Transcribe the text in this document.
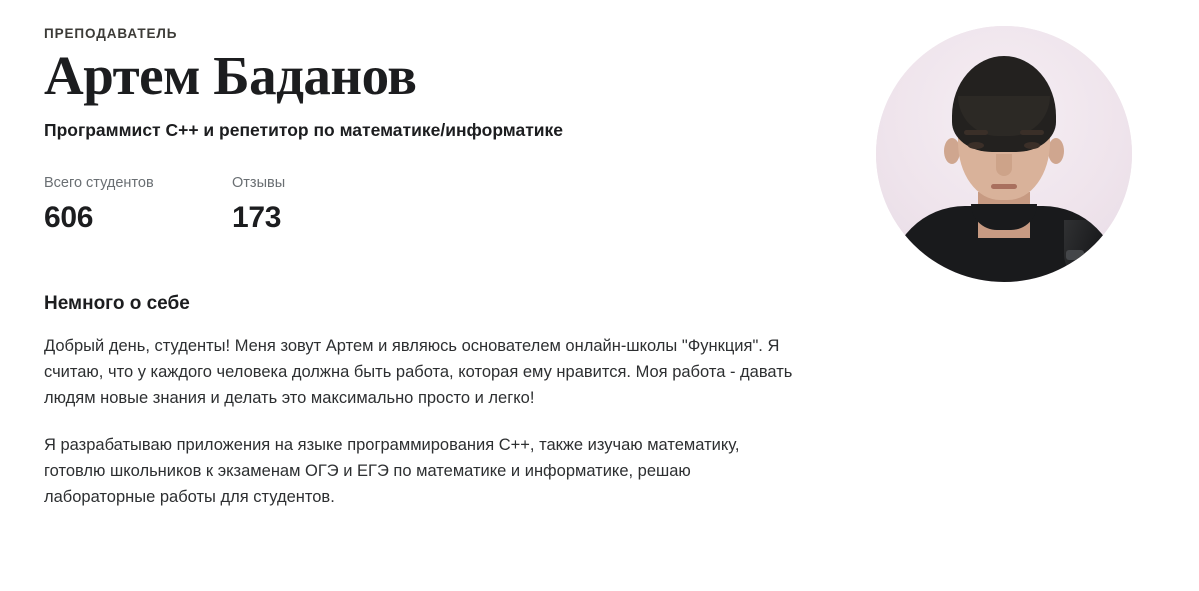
ПРЕПОДАВАТЕЛЬ
Артем Баданов
Программист C++ и репетитор по математике/информатике
Всего студентов
606
Отзывы
173
Немного о себе

Добрый день, студенты! Меня зовут Артем и являюсь основателем онлайн-школы "Функция". Я считаю, что у каждого человека должна быть работа, которая ему нравится. Моя работа - давать людям новые знания и делать это максимально просто и легко!

Я разрабатываю приложения на языке программирования C++, также изучаю математику, готовлю школьников к экзаменам ОГЭ и ЕГЭ по математике и информатике, решаю лабораторные работы для студентов.
